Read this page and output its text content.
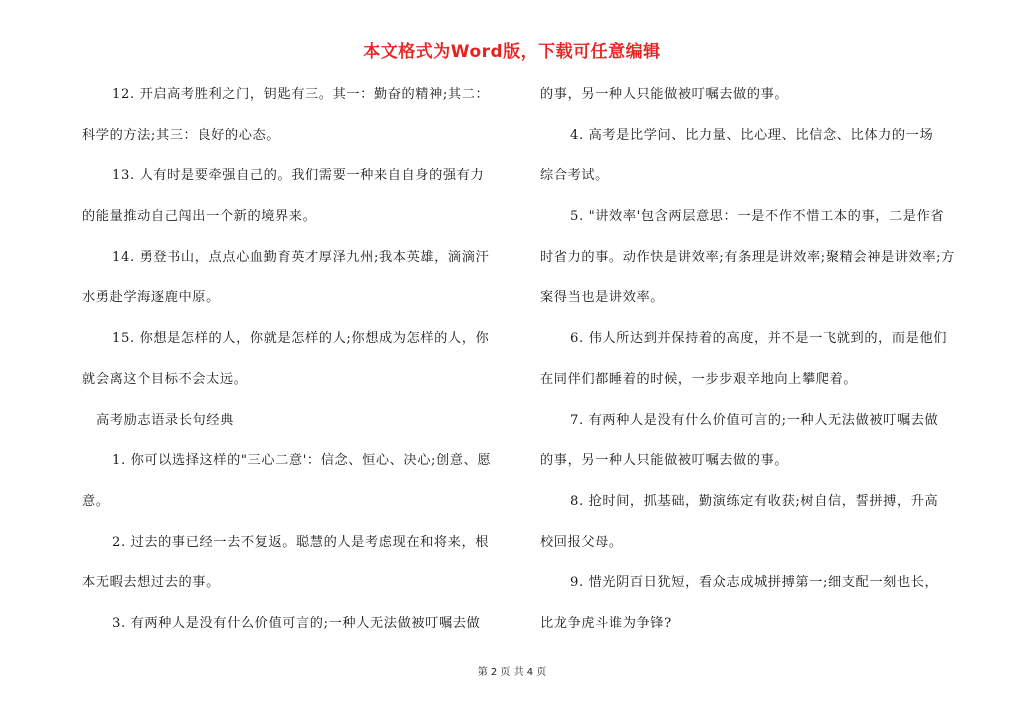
本文格式为Word版，下载可任意编辑
12. 开启高考胜利之门，钥匙有三。其一：勤奋的精神;其二：
科学的方法;其三：良好的心态。
13. 人有时是要牵强自己的。我们需要一种来自自身的强有力
的能量推动自己闯出一个新的境界来。
14. 勇登书山，点点心血勤育英才厚泽九州;我本英雄，滴滴汗
水勇赴学海逐鹿中原。
15. 你想是怎样的人，你就是怎样的人;你想成为怎样的人，你
就会离这个目标不会太远。
高考励志语录长句经典
1. 你可以选择这样的"三心二意'：信念、恒心、决心;创意、愿
意。
2. 过去的事已经一去不复返。聪慧的人是考虑现在和将来，根
本无暇去想过去的事。
3. 有两种人是没有什么价值可言的;一种人无法做被叮嘱去做
的事，另一种人只能做被叮嘱去做的事。
4. 高考是比学问、比力量、比心理、比信念、比体力的一场
综合考试。
5. "讲效率'包含两层意思：一是不作不惜工本的事，二是作省
时省力的事。动作快是讲效率;有条理是讲效率;聚精会神是讲效率;方
案得当也是讲效率。
6. 伟人所达到并保持着的高度，并不是一飞就到的，而是他们
在同伴们都睡着的时候，一步步艰辛地向上攀爬着。
7. 有两种人是没有什么价值可言的;一种人无法做被叮嘱去做
的事，另一种人只能做被叮嘱去做的事。
8. 抢时间，抓基础，勤演练定有收获;树自信，誓拼搏，升高
校回报父母。
9. 惜光阴百日犹短，看众志成城拼搏第一;细支配一刻也长，
比龙争虎斗谁为争锋?
第 2 页 共 4 页
